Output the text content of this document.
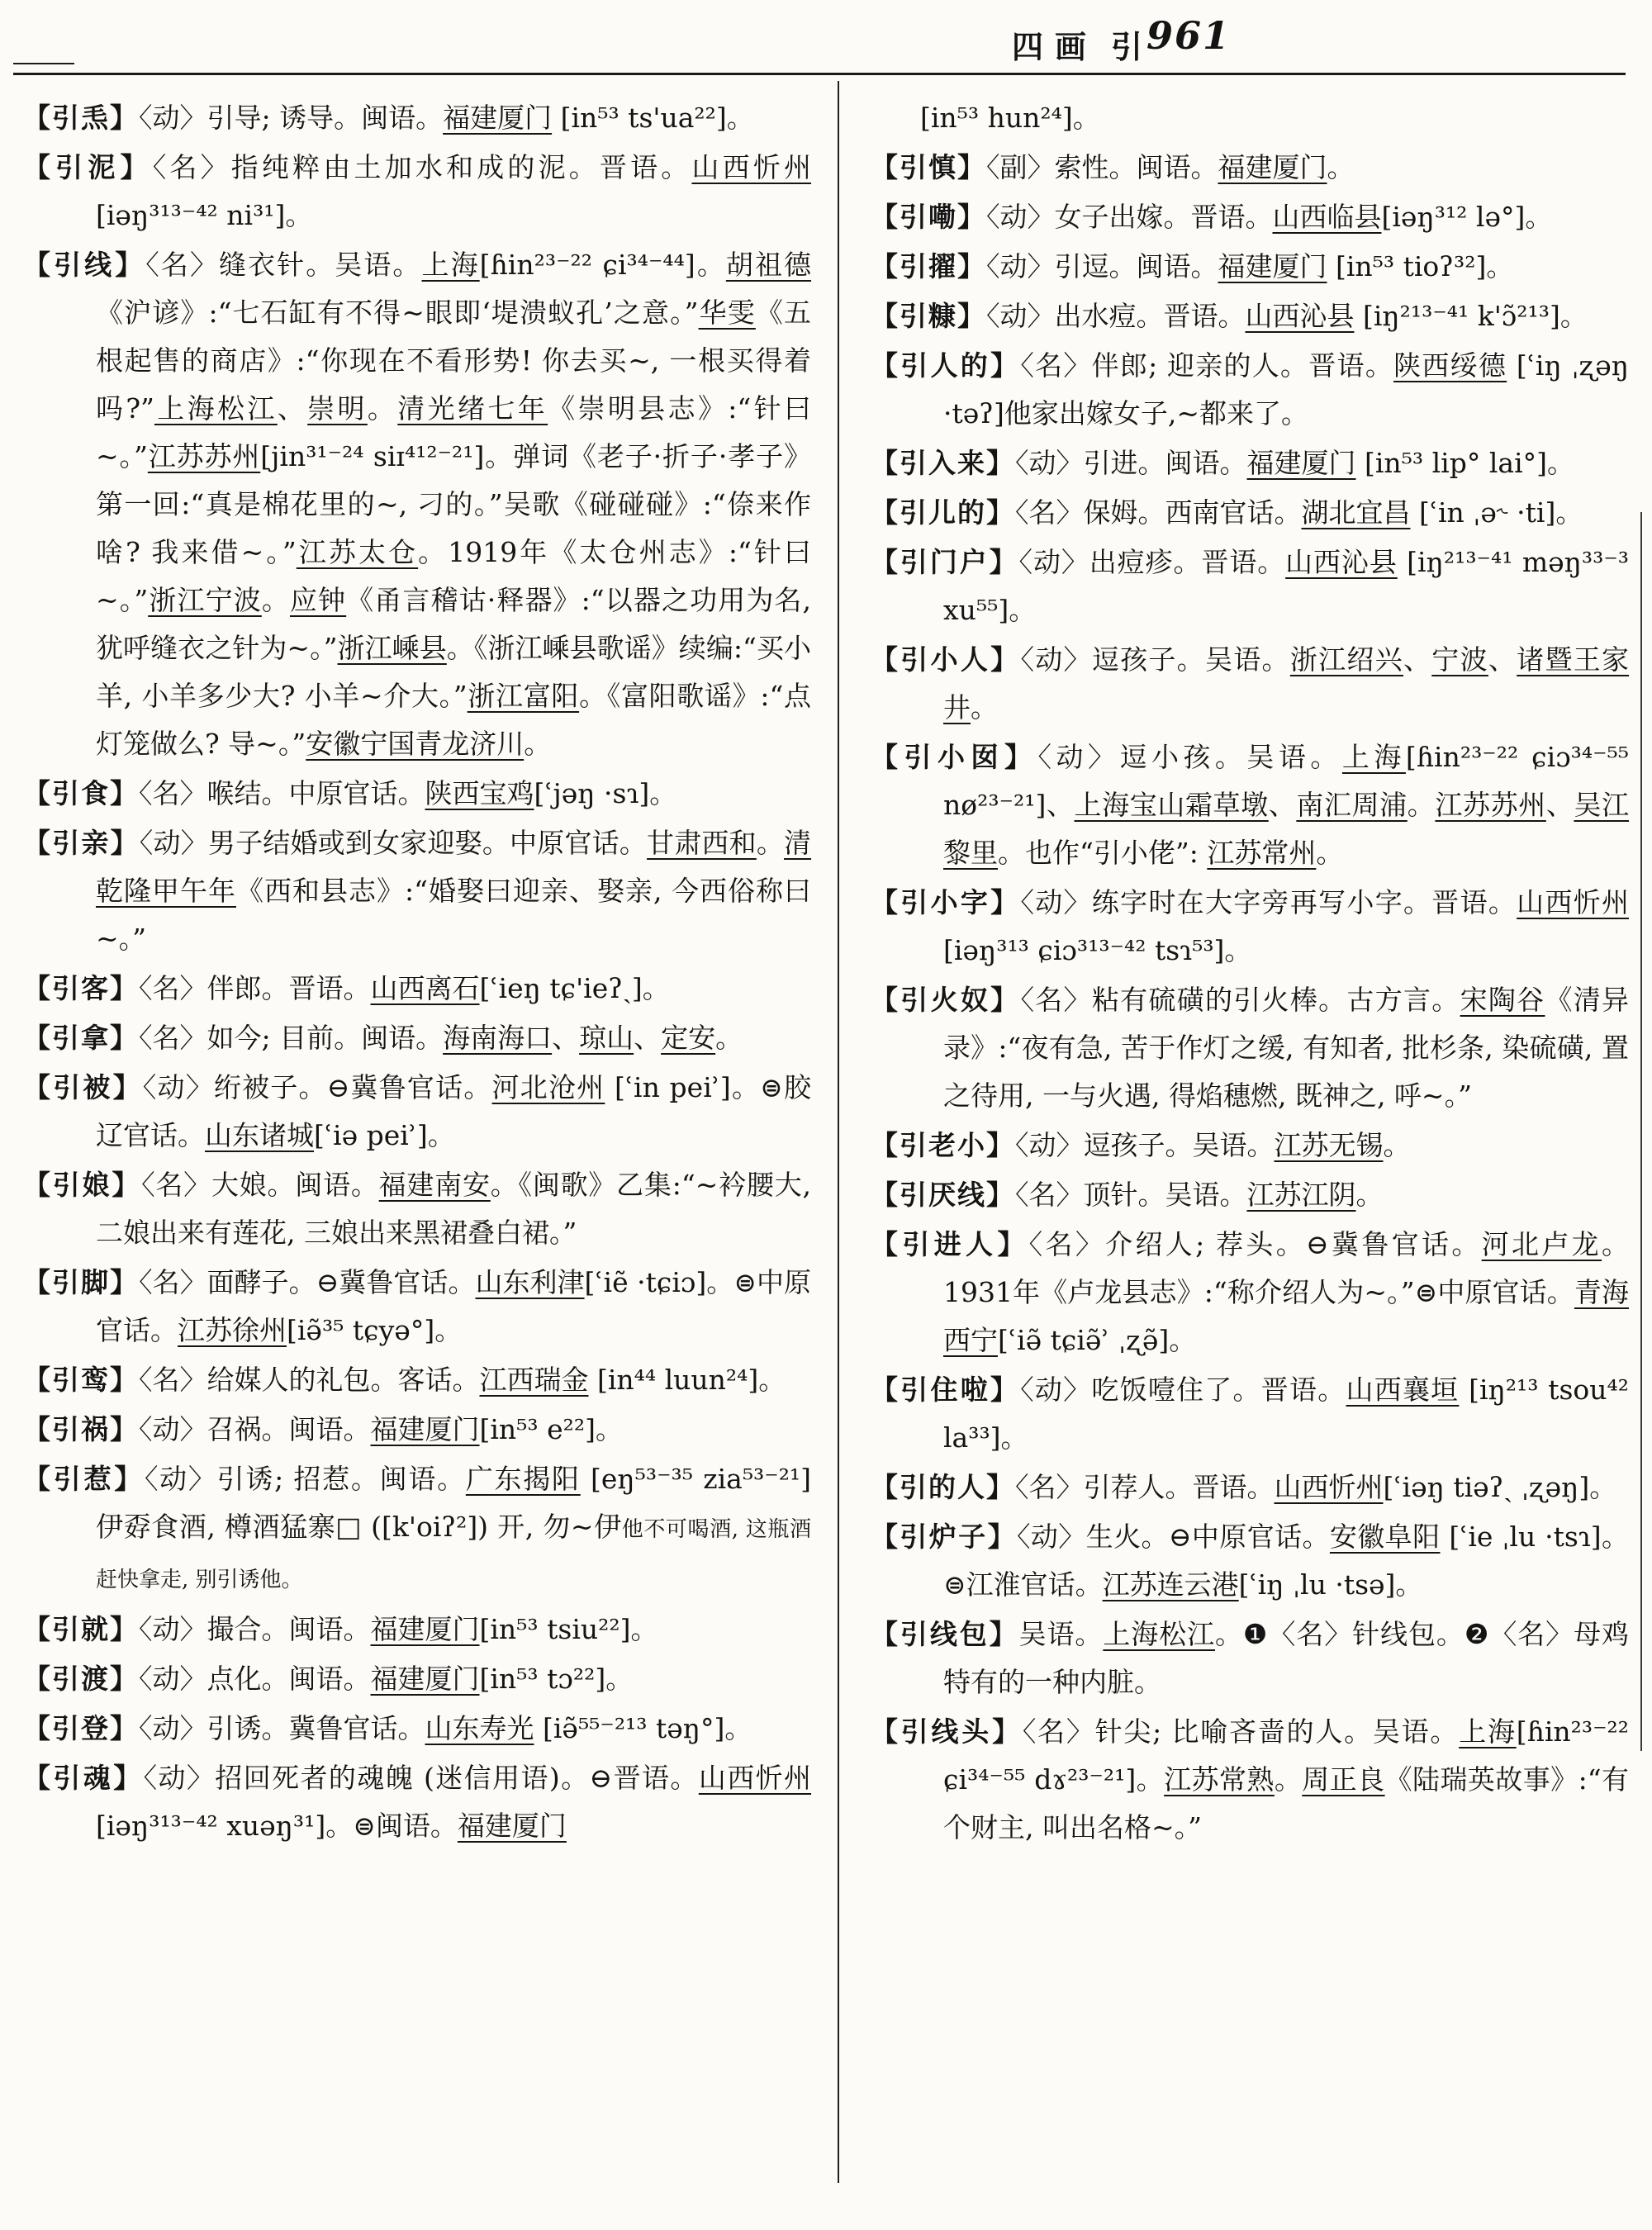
四画 引 961
【引𤆬】〈动〉引导; 诱导。闽语。福建厦门 [in⁵³ ts'ua²²]。
【引泥】〈名〉指纯粹由土加水和成的泥。晋语。山西忻州[iəŋ³¹³⁻⁴² ni³¹]。
【引线】〈名〉缝衣针。吴语。上海[ɦin²³⁻²² ɕi³⁴⁻⁴⁴]。胡祖德《沪谚》:“七石缸有不得~眼即‘堤溃蚁孔’之意。”华雯《五根起售的商店》:“你现在不看形势! 你去买~, 一根买得着吗?”上海松江、崇明。清光绪七年《崇明县志》:“针曰~。”江苏苏州[jin³¹⁻²⁴ siɪ⁴¹²⁻²¹]。弹词《老子·折子·孝子》第一回:“真是棉花里的~, 刁的。”吴歌《碰碰碰》:“倷来作啥? 我来借~。”江苏太仓。1919年《太仓州志》:“针曰~。”浙江宁波。应钟《甬言稽诂·释器》:“以器之功用为名, 犹呼缝衣之针为~。”浙江嵊县。《浙江嵊县歌谣》续编:“买小羊, 小羊多少大? 小羊~介大。”浙江富阳。《富阳歌谣》:“点灯笼做么? 导~。”安徽宁国青龙济川。
【引食】〈名〉喉结。中原官话。陕西宝鸡[ʿjəŋ ·sɿ]。
【引亲】〈动〉男子结婚或到女家迎娶。中原官话。甘肃西和。清乾隆甲午年《西和县志》:“婚娶曰迎亲、娶亲, 今西俗称曰~。”
【引客】〈名〉伴郎。晋语。山西离石[ʿieŋ tɕ'ieʔˏ]。
【引拿】〈名〉如今; 目前。闽语。海南海口、琼山、定安。
【引被】〈动〉绗被子。⊖冀鲁官话。河北沧州 [ʿin peiʾ]。⊜胶辽官话。山东诸城[ʿiə peiʾ]。
【引娘】〈名〉大娘。闽语。福建南安。《闽歌》乙集:“~衿腰大, 二娘出来有莲花, 三娘出来黑裙叠白裙。”
【引脚】〈名〉面酵子。⊖冀鲁官话。山东利津[ʿiẽ ·tɕiɔ]。⊜中原官话。江苏徐州[iə̃³⁵ tɕyə°]。
【引鸾】〈名〉给媒人的礼包。客话。江西瑞金 [in⁴⁴ luun²⁴]。
【引祸】〈动〉召祸。闽语。福建厦门[in⁵³ e²²]。
【引惹】〈动〉引诱; 招惹。闽语。广东揭阳 [eŋ⁵³⁻³⁵ zia⁵³⁻²¹] 伊孬食酒, 樽酒猛寨□ ([k'oiʔ²]) 开, 勿~伊他不可喝酒, 这瓶酒赶快拿走, 别引诱他。
【引就】〈动〉撮合。闽语。福建厦门[in⁵³ tsiu²²]。
【引渡】〈动〉点化。闽语。福建厦门[in⁵³ tɔ²²]。
【引登】〈动〉引诱。冀鲁官话。山东寿光 [iə̃⁵⁵⁻²¹³ təŋ°]。
【引魂】〈动〉招回死者的魂魄 (迷信用语)。⊖晋语。山西忻州 [iəŋ³¹³⁻⁴² xuəŋ³¹]。⊜闽语。福建厦门
[in⁵³ hun²⁴]。
【引慎】〈副〉索性。闽语。福建厦门。
【引嘞】〈动〉女子出嫁。晋语。山西临县[iəŋ³¹² lə°]。
【引擢】〈动〉引逗。闽语。福建厦门 [in⁵³ tioʔ³²]。
【引糠】〈动〉出水痘。晋语。山西沁县 [iŋ²¹³⁻⁴¹ k'ɔ̃²¹³]。
【引人的】〈名〉伴郎; 迎亲的人。晋语。陕西绥德 [ʿiŋ ˌʐəŋ ·təʔ]他家出嫁女子,~都来了。
【引入来】〈动〉引进。闽语。福建厦门 [in⁵³ lip° lai°]。
【引儿的】〈名〉保姆。西南官话。湖北宜昌 [ʿin ˌə˞ ·ti]。
【引门户】〈动〉出痘疹。晋语。山西沁县 [iŋ²¹³⁻⁴¹ məŋ³³⁻³ xu⁵⁵]。
【引小人】〈动〉逗孩子。吴语。浙江绍兴、宁波、诸暨王家井。
【引小囡】〈动〉逗小孩。吴语。上海[ɦin²³⁻²² ɕiɔ³⁴⁻⁵⁵ nø²³⁻²¹]、上海宝山霜草墩、南汇周浦。江苏苏州、吴江黎里。也作“引小佬”: 江苏常州。
【引小字】〈动〉练字时在大字旁再写小字。晋语。山西忻州 [iəŋ³¹³ ɕiɔ³¹³⁻⁴² tsɿ⁵³]。
【引火奴】〈名〉粘有硫磺的引火棒。古方言。宋陶谷《清异录》:“夜有急, 苦于作灯之缓, 有知者, 批杉条, 染硫磺, 置之待用, 一与火遇, 得焰穗燃, 既神之, 呼~。”
【引老小】〈动〉逗孩子。吴语。江苏无锡。
【引厌线】〈名〉顶针。吴语。江苏江阴。
【引进人】〈名〉介绍人; 荐头。⊖冀鲁官话。河北卢龙。1931年《卢龙县志》:“称介绍人为~。”⊜中原官话。青海西宁[ʿiə̃ tɕiə̃ʾ ˌʐə̃]。
【引住啦】〈动〉吃饭噎住了。晋语。山西襄垣 [iŋ²¹³ tsou⁴² la³³]。
【引的人】〈名〉引荐人。晋语。山西忻州[ʿiəŋ tiəʔˏ ˌʐəŋ]。
【引炉子】〈动〉生火。⊖中原官话。安徽阜阳 [ʿie ˌlu ·tsɿ]。⊜江淮官话。江苏连云港[ʿiŋ ˌlu ·tsə]。
【引线包】吴语。上海松江。❶〈名〉针线包。❷〈名〉母鸡特有的一种内脏。
【引线头】〈名〉针尖; 比喻吝啬的人。吴语。上海[ɦin²³⁻²² ɕi³⁴⁻⁵⁵ dɤ²³⁻²¹]。江苏常熟。周正良《陆瑞英故事》:“有个财主, 叫出名格~。”
